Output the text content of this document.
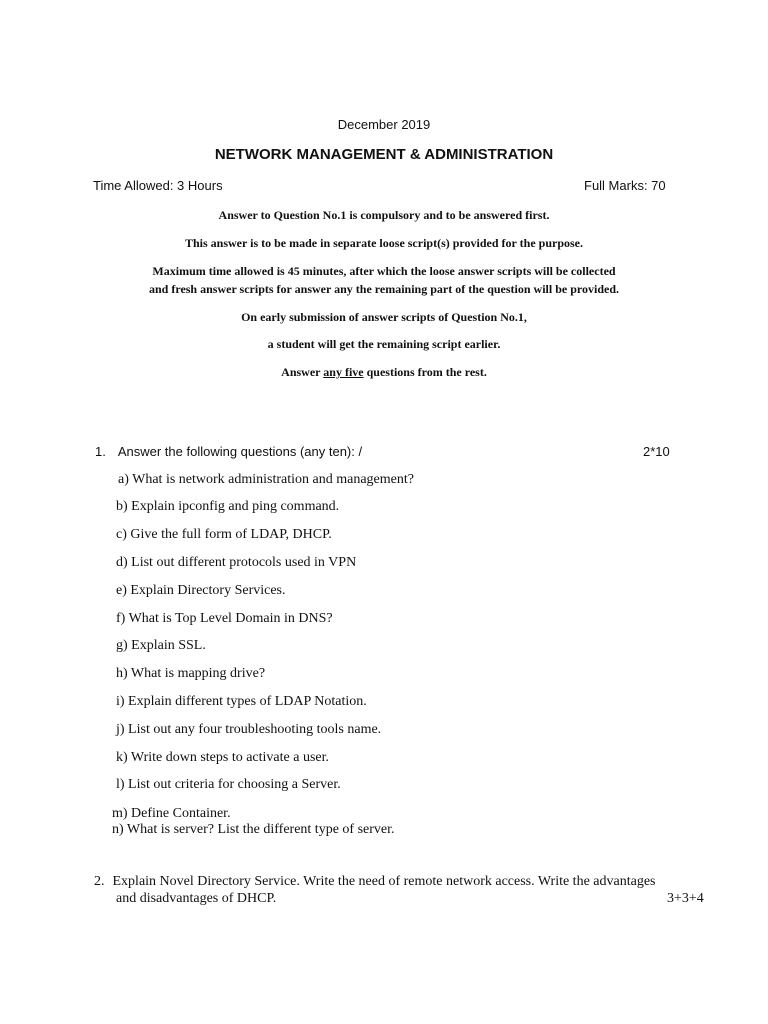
December 2019
NETWORK MANAGEMENT & ADMINISTRATION
Time Allowed: 3 Hours	Full Marks: 70
Answer to Question No.1 is compulsory and to be answered first.
This answer is to be made in separate loose script(s) provided for the purpose.
Maximum time allowed is 45 minutes, after which the loose answer scripts will be collected
and fresh answer scripts for answer any the remaining part of the question will be provided.
On early submission of answer scripts of Question No.1,
a student will get the remaining script earlier.
Answer any five questions from the rest.
1. Answer the following questions (any ten): /	2*10
a) What is network administration and management?
b) Explain ipconfig and ping command.
c) Give the full form of LDAP, DHCP.
d) List out different protocols used in VPN
e) Explain Directory Services.
f) What is Top Level Domain in DNS?
g) Explain SSL.
h) What is mapping drive?
i) Explain different types of LDAP Notation.
j) List out any four troubleshooting tools name.
k) Write down steps to activate a user.
l) List out criteria for choosing a Server.
m) Define Container.
n) What is server? List the different type of server.
2. Explain Novel Directory Service. Write the need of remote network access. Write the advantages
and disadvantages of DHCP.	3+3+4
